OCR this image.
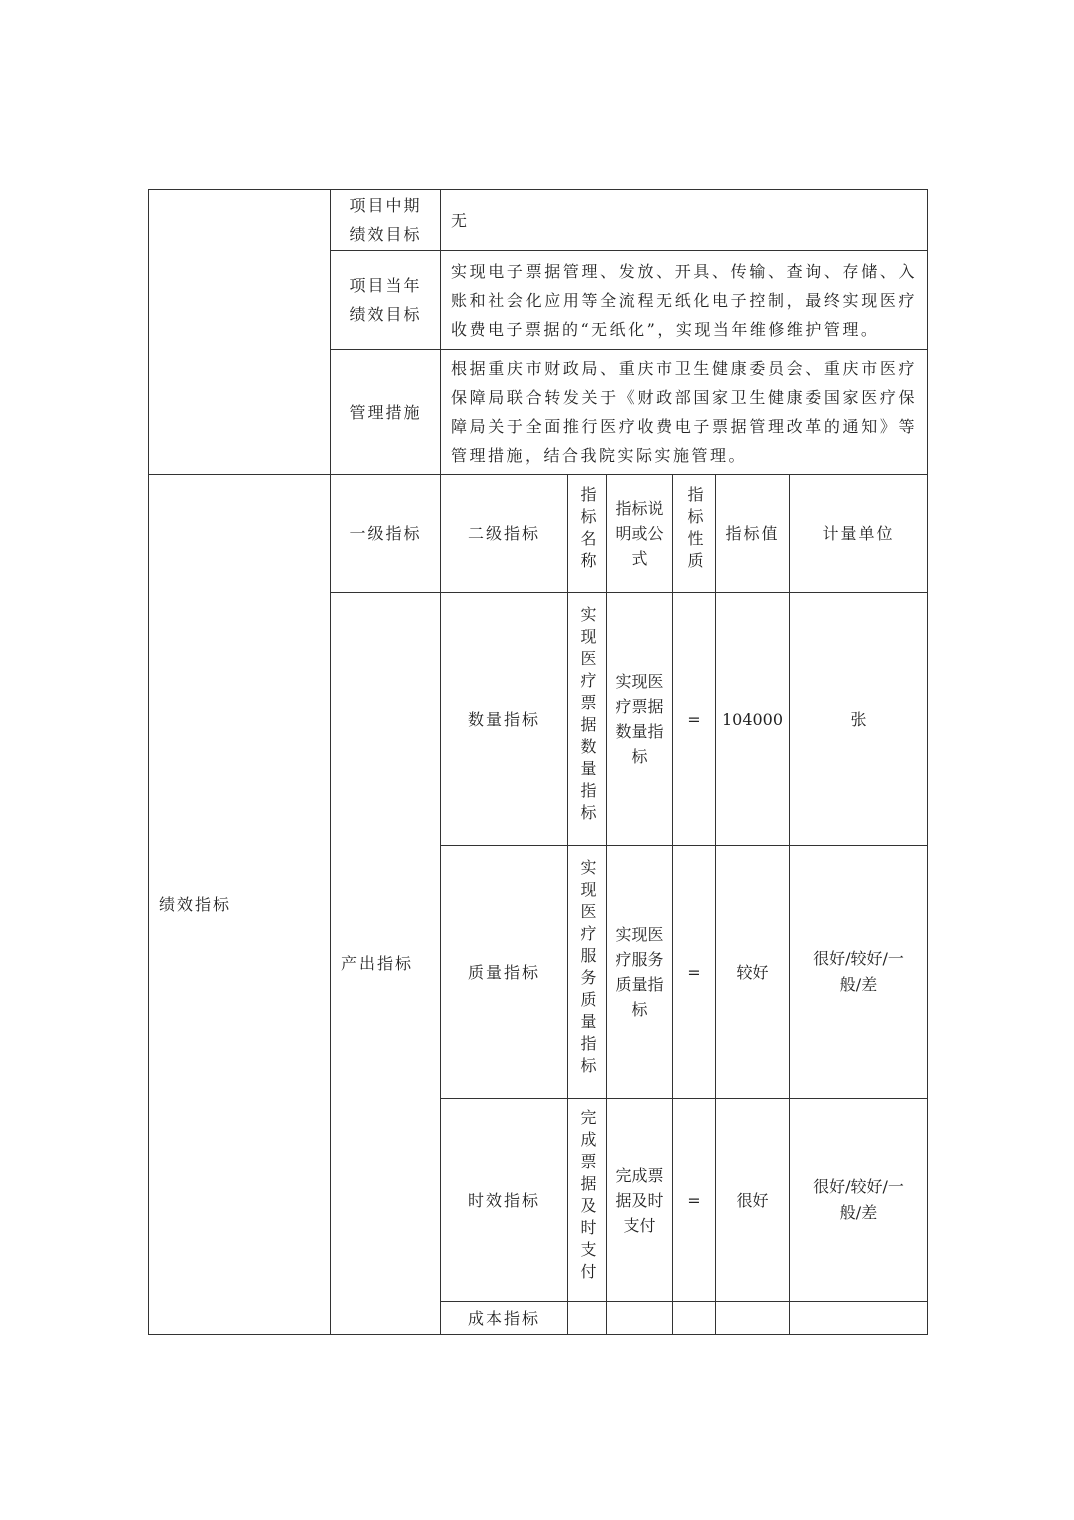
	项目中期绩效目标	无					

	项目当年绩效目标	实现电子票据管理、发放、开具、传输、查询、存储、入账和社会化应用等全流程无纸化电子控制，最终实现医疗收费电子票据的“无纸化”，实现当年维修维护管理。					
	管理措施	根据重庆市财政局、重庆市卫生健康委员会、重庆市医疗保障局联合转发关于《财政部国家卫生健康委国家医疗保障局关于全面推行医疗收费电子票据管理改革的通知》等管理措施，结合我院实际实施管理。					
绩效指标	一级指标	二级指标	指标名称	指标说明或公式	指标性质	指标值	计量单位
	产出指标	数量指标	实现医疗票据数量指标	实现医疗票据数量指标	=	104000	张
		质量指标	实现医疗服务质量指标	实现医疗服务质量指标	=	较好	很好/较好/一般/差

		时效指标	完成票据及时支付	完成票据及时支付	=	很好	很好/较好/一般/差

		成本指标					
